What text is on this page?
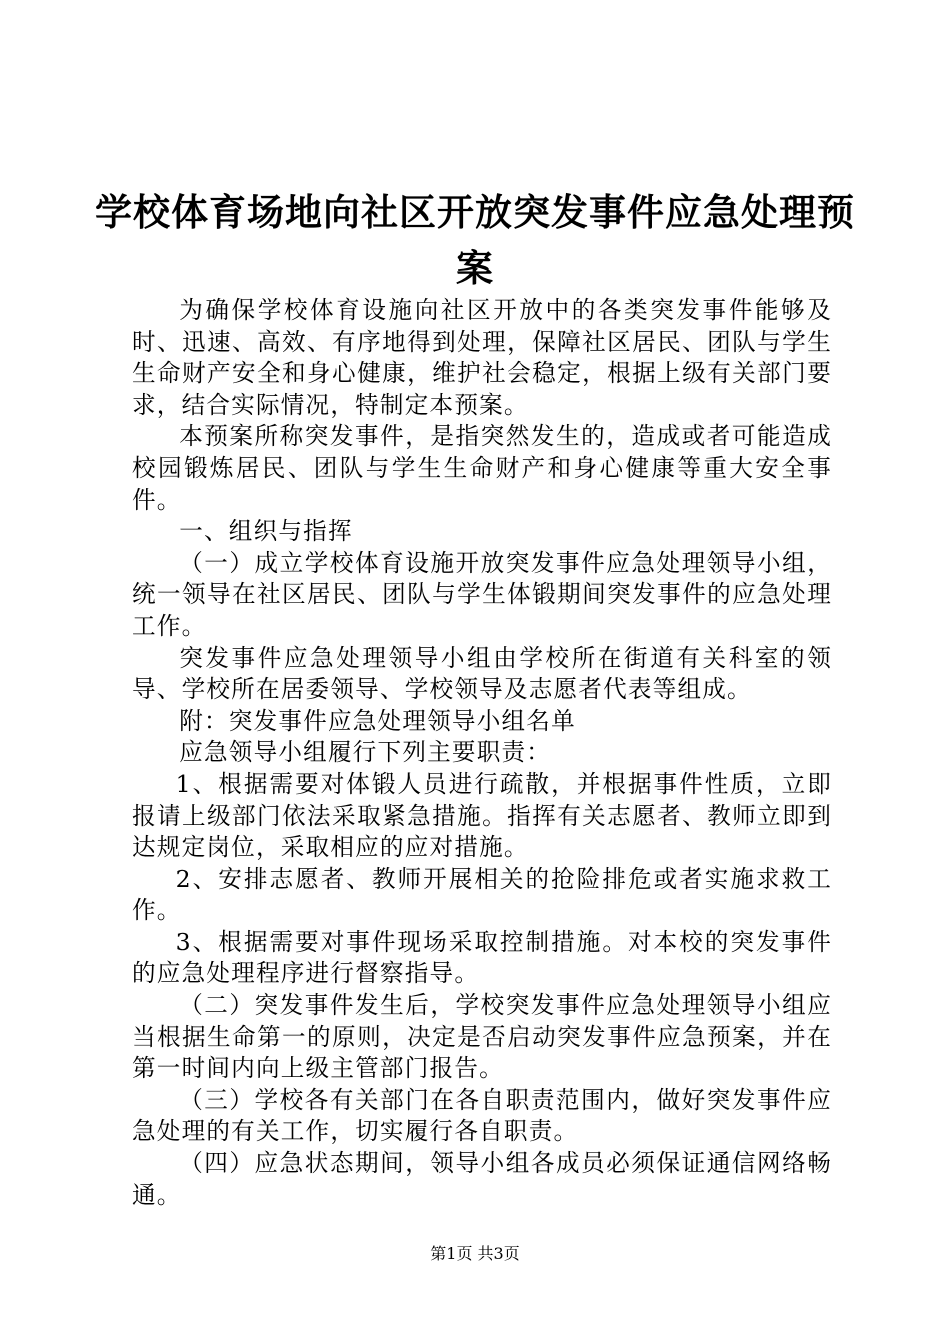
学校体育场地向社区开放突发事件应急处理预
案

为确保学校体育设施向社区开放中的各类突发事件能够及时、迅速、高效、有序地得到处理，保障社区居民、团队与学生生命财产安全和身心健康，维护社会稳定，根据上级有关部门要求，结合实际情况，特制定本预案。

本预案所称突发事件，是指突然发生的，造成或者可能造成校园锻炼居民、团队与学生生命财产和身心健康等重大安全事件。

一、组织与指挥

（一）成立学校体育设施开放突发事件应急处理领导小组，统一领导在社区居民、团队与学生体锻期间突发事件的应急处理工作。

突发事件应急处理领导小组由学校所在街道有关科室的领导、学校所在居委领导、学校领导及志愿者代表等组成。

附：突发事件应急处理领导小组名单

应急领导小组履行下列主要职责：

1、根据需要对体锻人员进行疏散，并根据事件性质，立即报请上级部门依法采取紧急措施。指挥有关志愿者、教师立即到达规定岗位，采取相应的应对措施。

2、安排志愿者、教师开展相关的抢险排危或者实施求救工作。

3、根据需要对事件现场采取控制措施。对本校的突发事件的应急处理程序进行督察指导。

（二）突发事件发生后，学校突发事件应急处理领导小组应当根据生命第一的原则，决定是否启动突发事件应急预案，并在第一时间内向上级主管部门报告。

（三）学校各有关部门在各自职责范围内，做好突发事件应急处理的有关工作，切实履行各自职责。

（四）应急状态期间，领导小组各成员必须保证通信网络畅通。

第1页 共3页
